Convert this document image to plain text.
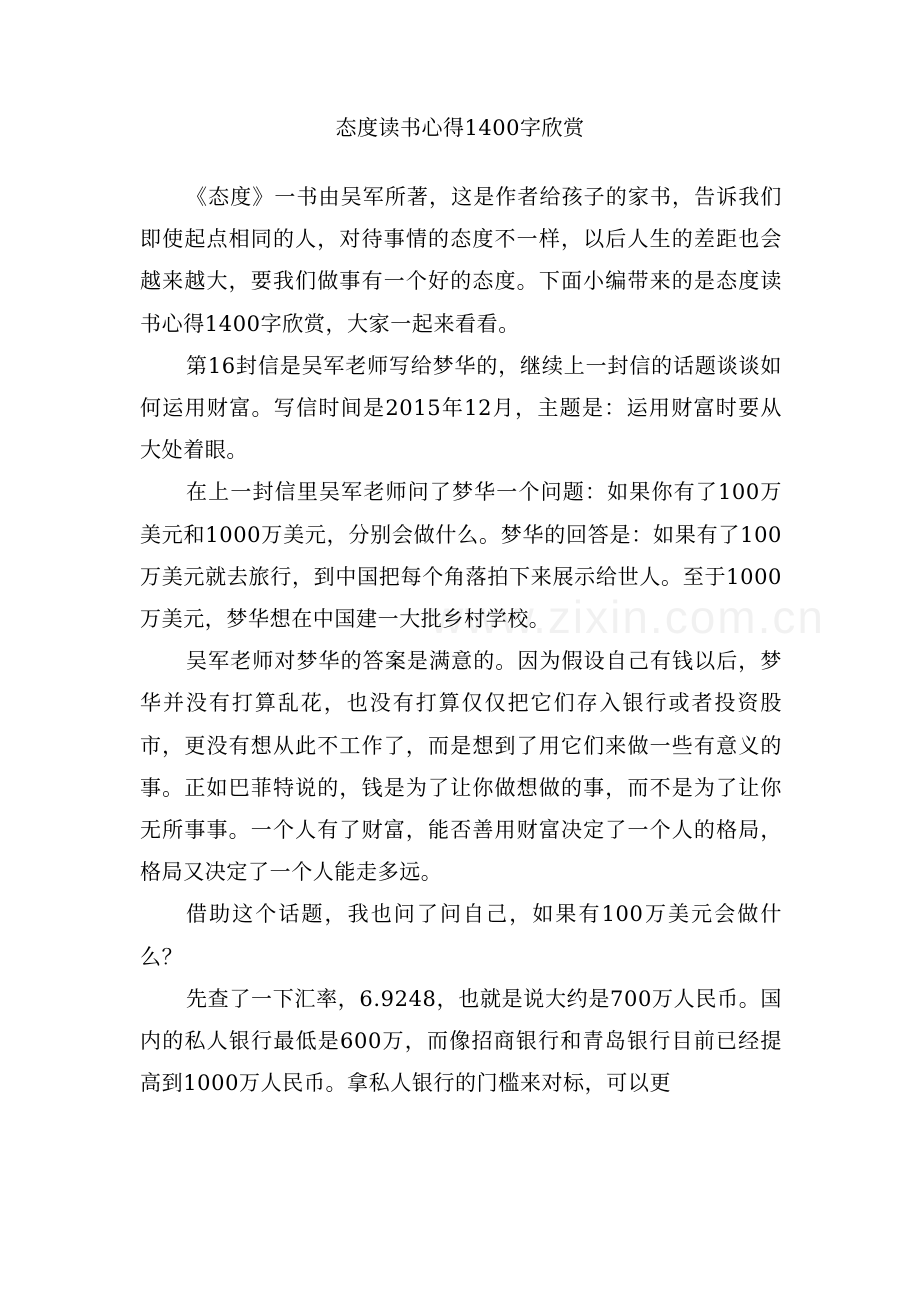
态度读书心得1400字欣赏

《态度》一书由吴军所著，这是作者给孩子的家书，告诉我们即使起点相同的人，对待事情的态度不一样，以后人生的差距也会越来越大，要我们做事有一个好的态度。下面小编带来的是态度读书心得1400字欣赏，大家一起来看看。

第16封信是吴军老师写给梦华的，继续上一封信的话题谈谈如何运用财富。写信时间是2015年12月，主题是：运用财富时要从大处着眼。

在上一封信里吴军老师问了梦华一个问题：如果你有了100万美元和1000万美元，分别会做什么。梦华的回答是：如果有了100万美元就去旅行，到中国把每个角落拍下来展示给世人。至于1000万美元，梦华想在中国建一大批乡村学校。

吴军老师对梦华的答案是满意的。因为假设自己有钱以后，梦华并没有打算乱花，也没有打算仅仅把它们存入银行或者投资股市，更没有想从此不工作了，而是想到了用它们来做一些有意义的事。正如巴菲特说的，钱是为了让你做想做的事，而不是为了让你无所事事。一个人有了财富，能否善用财富决定了一个人的格局，格局又决定了一个人能走多远。

借助这个话题，我也问了问自己，如果有100万美元会做什么？

先查了一下汇率，6.9248，也就是说大约是700万人民币。国内的私人银行最低是600万，而像招商银行和青岛银行目前已经提高到1000万人民币。拿私人银行的门槛来对标，可以更

www.zixin.com.cn
